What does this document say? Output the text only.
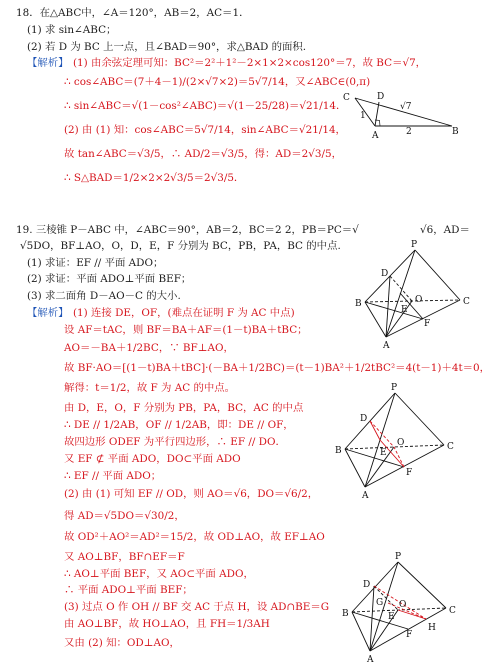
18．在△ABC中，∠A＝120°，AB＝2，AC＝1．
(1) 求 sin∠ABC；
(2) 若 D 为 BC 上一点，且∠BAD＝90°，求△BAD 的面积.
【解析】 (1) 由余弦定理可知：BC²＝2²＋1²－2×1×2×cos120°＝7，故 BC＝√7，
∴ cos∠ABC＝(7＋4－1)/(2×√7×2)＝5√7/14，又∠ABC∈(0,π)
∴ sin∠ABC＝√(1－cos²∠ABC)＝√(1－25/28)＝√21/14．
(2) 由 (1) 知：cos∠ABC＝5√7/14，sin∠ABC＝√21/14，
故 tan∠ABC＝√3/5，∴ AD/2＝√3/5，得：AD＝2√3/5，
∴ S△BAD＝1/2×2×2√3/5＝2√3/5．
C	D
A	B
1
2
√7
19. 三棱锥 P－ABC 中，∠ABC＝90°，AB＝2，BC＝2 2，PB＝PC＝√	√6，AD＝
√5DO，BF⊥AO，O，D，E，F 分别为 BC，PB，PA，BC 的中点.
(1) 求证：EF // 平面 ADO；
(2) 求证：平面 ADO⊥平面 BEF；
(3) 求二面角 D－AO－C 的大小.
【解析】 (1) 连接 DE，OF，(难点在证明 F 为 AC 中点)
设 AF＝tAC，则 BF＝BA＋AF＝(1－t)BA＋tBC；
AO＝－BA＋1/2BC，∵ BF⊥AO，
故 BF·AO＝[(1－t)BA＋tBC]·(－BA＋1/2BC)＝(t－1)BA²＋1/2tBC²＝4(t－1)＋4t＝0，
解得：t＝1/2，故 F 为 AC 的中点。
由 D，E，O，F 分别为 PB，PA，BC，AC 的中点
∴ DE // 1/2AB，OF // 1/2AB，即：DE // OF，
故四边形 ODEF 为平行四边形，∴ EF // DO．
又 EF ⊄ 平面 ADO，DO⊂平面 ADO
∴ EF // 平面 ADO；
(2) 由 (1) 可知 EF // OD，则 AO＝√6，DO＝√6/2，
得 AD＝√5DO＝√30/2，
故 OD²＋AO²＝AD²＝15/2，故 OD⊥AO，故 EF⊥AO
又 AO⊥BF，BF∩EF＝F
∴ AO⊥平面 BEF，又 AO⊂平面 ADO，
∴ 平面 ADO⊥平面 BEF；
(3) 过点 O 作 OH // BF 交 AC 于点 H，设 AD∩BE＝G
由 AO⊥BF，故 HO⊥AO，且 FH＝1/3AH
又由 (2) 知：OD⊥AO，
P
B	C
A
D
E
F
O
P
B	C
A
D
E
F
O
P
B	C
A
D
G
E
F
O
H
